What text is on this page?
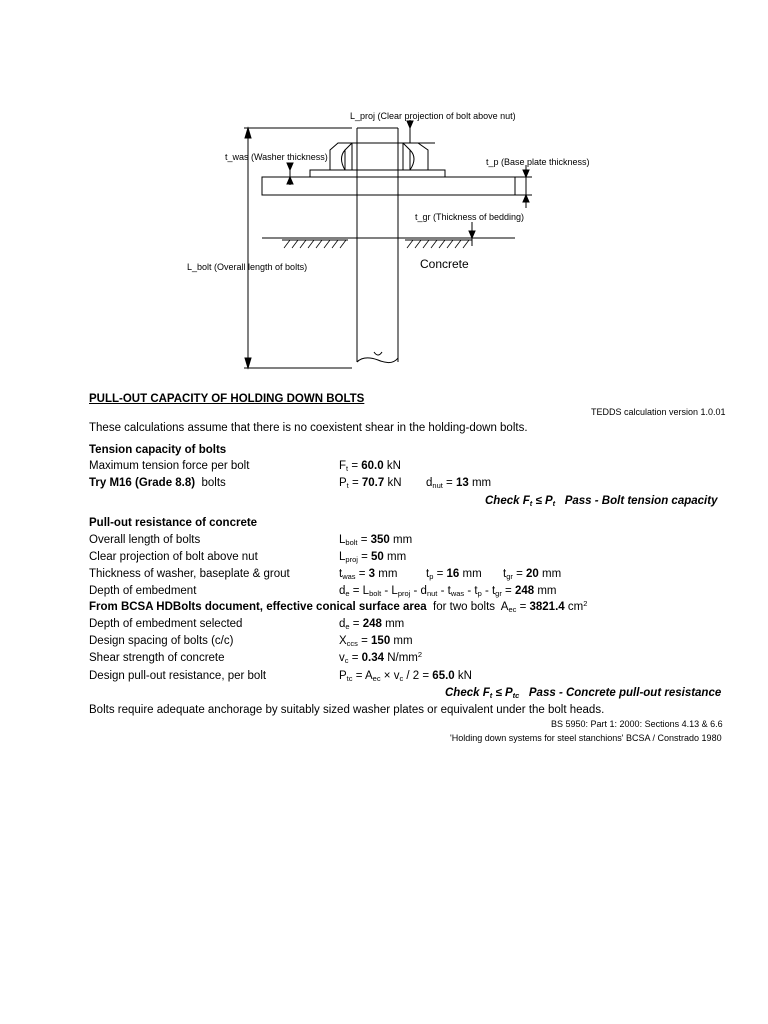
L_proj (Clear projection of bolt above nut)
t_was (Washer thickness)	t_p (Base plate thickness)
t_gr (Thickness of bedding)
Concrete
L_bolt (Overall length of bolts)
PULL-OUT CAPACITY OF HOLDING DOWN BOLTS
TEDDS calculation version 1.0.01
These calculations assume that there is no coexistent shear in the holding-down bolts.
Tension capacity of bolts
Maximum tension force per bolt	$F_t = 60.0$ kN
Try M16 (Grade 8.8) bolts	$P_t = 70.7$ kN $d_{nut} = 13$ mm
Check $F_t \le P_t$ Pass - Bolt tension capacity
Pull-out resistance of concrete
Overall length of bolts	$L_{bolt} = 350$ mm
Clear projection of bolt above nut	$L_{proj} = 50$ mm
Thickness of washer, baseplate & grout	$t_{was} = 3$ mm $t_p = 16$ mm $t_{gr} = 20$ mm
Depth of embedment	$d_e = L_{bolt} - L_{proj} - d_{nut} - t_{was} - t_p - t_{gr} = 248$ mm
From BCSA HDBolts document, effective conical surface area for two bolts  $A_{ec} = 3821.4$ $cm^2$
Depth of embedment selected	$d_e = 248$ mm
Design spacing of bolts (c/c)	$X_{ccs} = 150$ mm
Shear strength of concrete	$v_c = 0.34$ $N/mm^2$
Design pull-out resistance, per bolt	$P_{tc} = A_{ec} \times v_c / 2 = 65.0$ kN
Check $F_t \le P_{tc}$ Pass - Concrete pull-out resistance
Bolts require adequate anchorage by suitably sized washer plates or equivalent under the bolt heads.
BS 5950: Part 1: 2000: Sections 4.13 & 6.6
'Holding down systems for steel stanchions' BCSA / Constrado 1980
